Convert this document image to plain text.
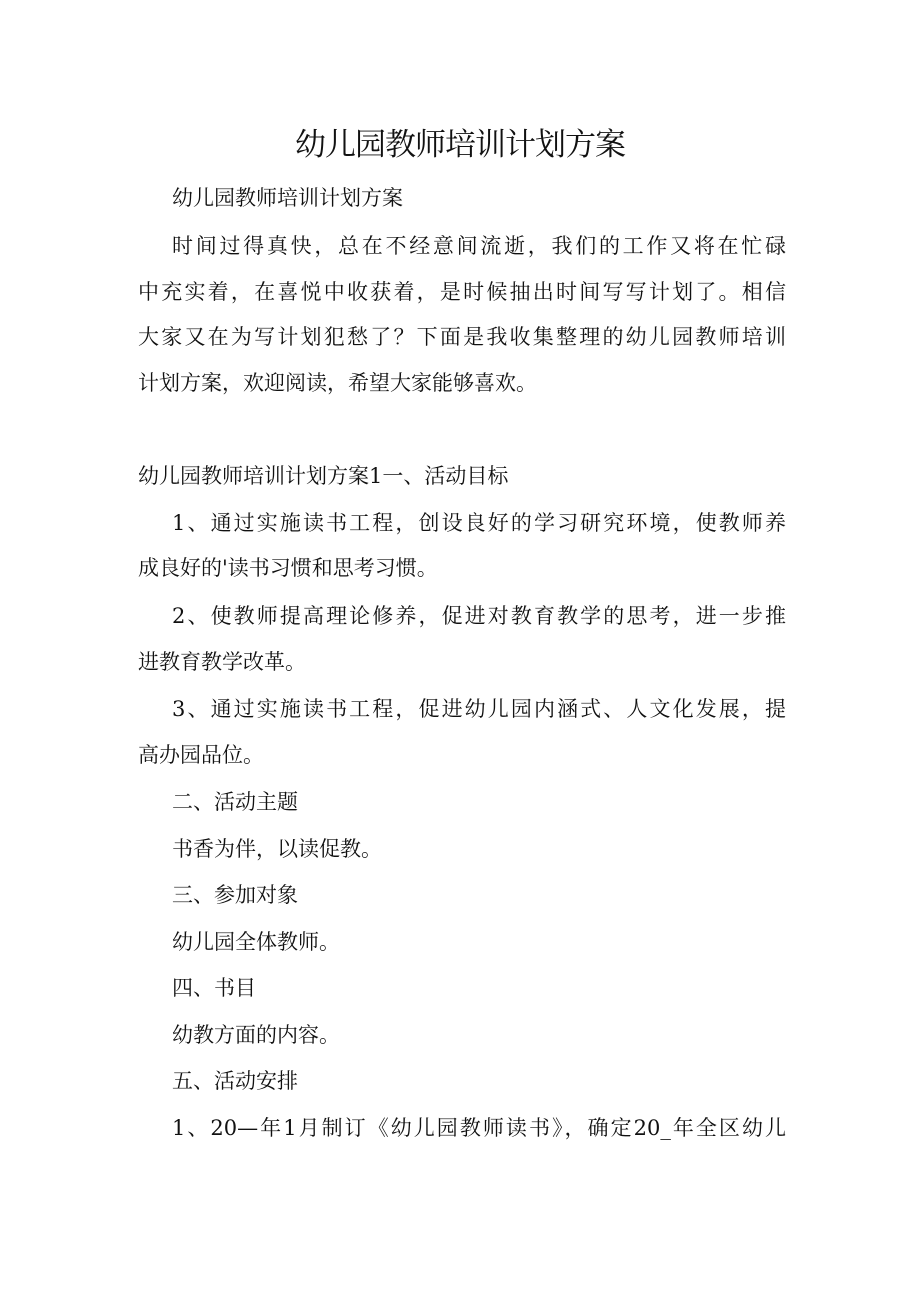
幼儿园教师培训计划方案
幼儿园教师培训计划方案
时间过得真快，总在不经意间流逝，我们的工作又将在忙碌
中充实着，在喜悦中收获着，是时候抽出时间写写计划了。相信
大家又在为写计划犯愁了？下面是我收集整理的幼儿园教师培训
计划方案，欢迎阅读，希望大家能够喜欢。
幼儿园教师培训计划方案1一、活动目标
1、通过实施读书工程，创设良好的学习研究环境，使教师养
成良好的'读书习惯和思考习惯。
2、使教师提高理论修养，促进对教育教学的思考，进一步推
进教育教学改革。
3、通过实施读书工程，促进幼儿园内涵式、人文化发展，提
高办园品位。
二、活动主题
书香为伴，以读促教。
三、参加对象
幼儿园全体教师。
四、书目
幼教方面的内容。
五、活动安排
1、20—年1月制订《幼儿园教师读书》，确定20_年全区幼儿
